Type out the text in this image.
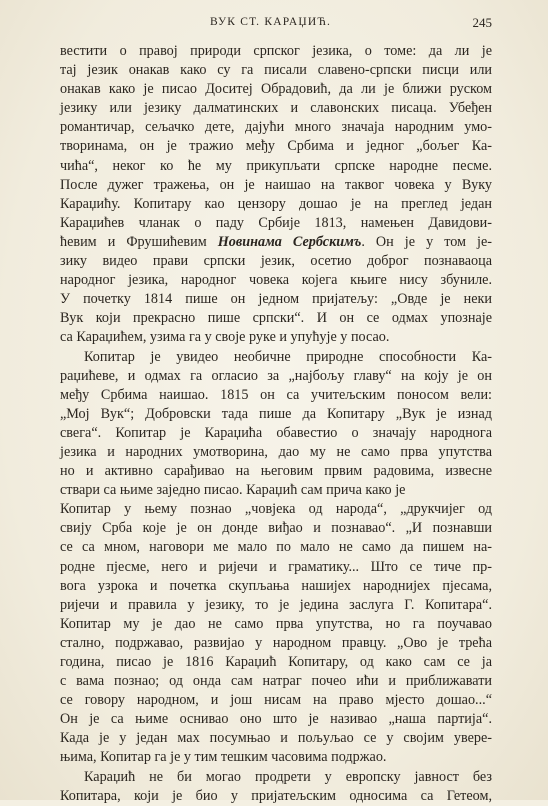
ВУК СТ. КАРАЏИЋ.	245
вестити о правој природи српског језика, о томе: да ли је
тај језик онакав како су га писали славено-српски писци или
онакав како је писао Доситеј Обрадовић, да ли је ближи руском
језику или језику далматинских и славонских писаца. Убеђен
романтичар, сељачко дете, дајући много значаја народним умо-
творинама, он је тражио међу Србима и једног „бољег Ка-
чића“, неког ко ће му прикупљати српске народне песме.
После дужег тражења, он је наишао на таквог човека у Вуку
Караџићу. Копитару као цензору дошао је на преглед један
Караџићев чланак о паду Србије 1813, намењен Давидови-
ћевим и Фрушићевим Новинама Сербскимъ. Он је у том је-
зику видео прави српски језик, осетио доброг познаваоца
народног језика, народног човека којега књиге нису збуниле.
У почетку 1814 пише он једном пријатељу: „Овде је неки
Вук који прекрасно пише српски“. И он се одмах упознаје
са Караџићем, узима га у своје руке и упућује у посао.
Копитар је увидео необичне природне способности Ка-
раџићеве, и одмах га огласио за „најбољу главу“ на коју је он
међу Србима наишао. 1815 он са учитељским поносом вели:
„Мој Вук“; Добровски тада пише да Копитару „Вук је изнад
свега“. Копитар је Караџића обавестио о значају народнога
језика и народних умотворина, дао му не само прва упутства
но и активно сарађивао на његовим првим радовима, извесне
ствари са њиме заједно писао. Караџић сам прича како је
Копитар у њему познао „човјека од народа“, „друкчијег од
свију Срба које је он донде виђао и познавао“. „И познавши
се са мном, наговори ме мало по мало не само да пишем на-
родне пјесме, него и ријечи и граматику... Што се тиче пр-
вога узрока и почетка скупљања нашијех народнијех пјесама,
ријечи и правила у језику, то је једина заслуга Г. Копитара“.
Копитар му је дао не само прва упутства, но га поучавао
стално, подржавао, развијао у народном правцу. „Ово је трећа
година, писао је 1816 Караџић Копитару, од како сам се ја
с вама познао; од онда сам натраг почео ићи и приближавати
се говору народном, и још нисам на право мјесто дошао...“
Он је са њиме оснивао оно што је називао „наша партија“.
Када је у један мах посумњао и пољуљао се у својим увере-
њима, Копитар га је у тим тешким часовима подржао.
Караџић не би могао продрети у европску јавност без
Копитара, који је био у пријатељским односима са Гетеом,
